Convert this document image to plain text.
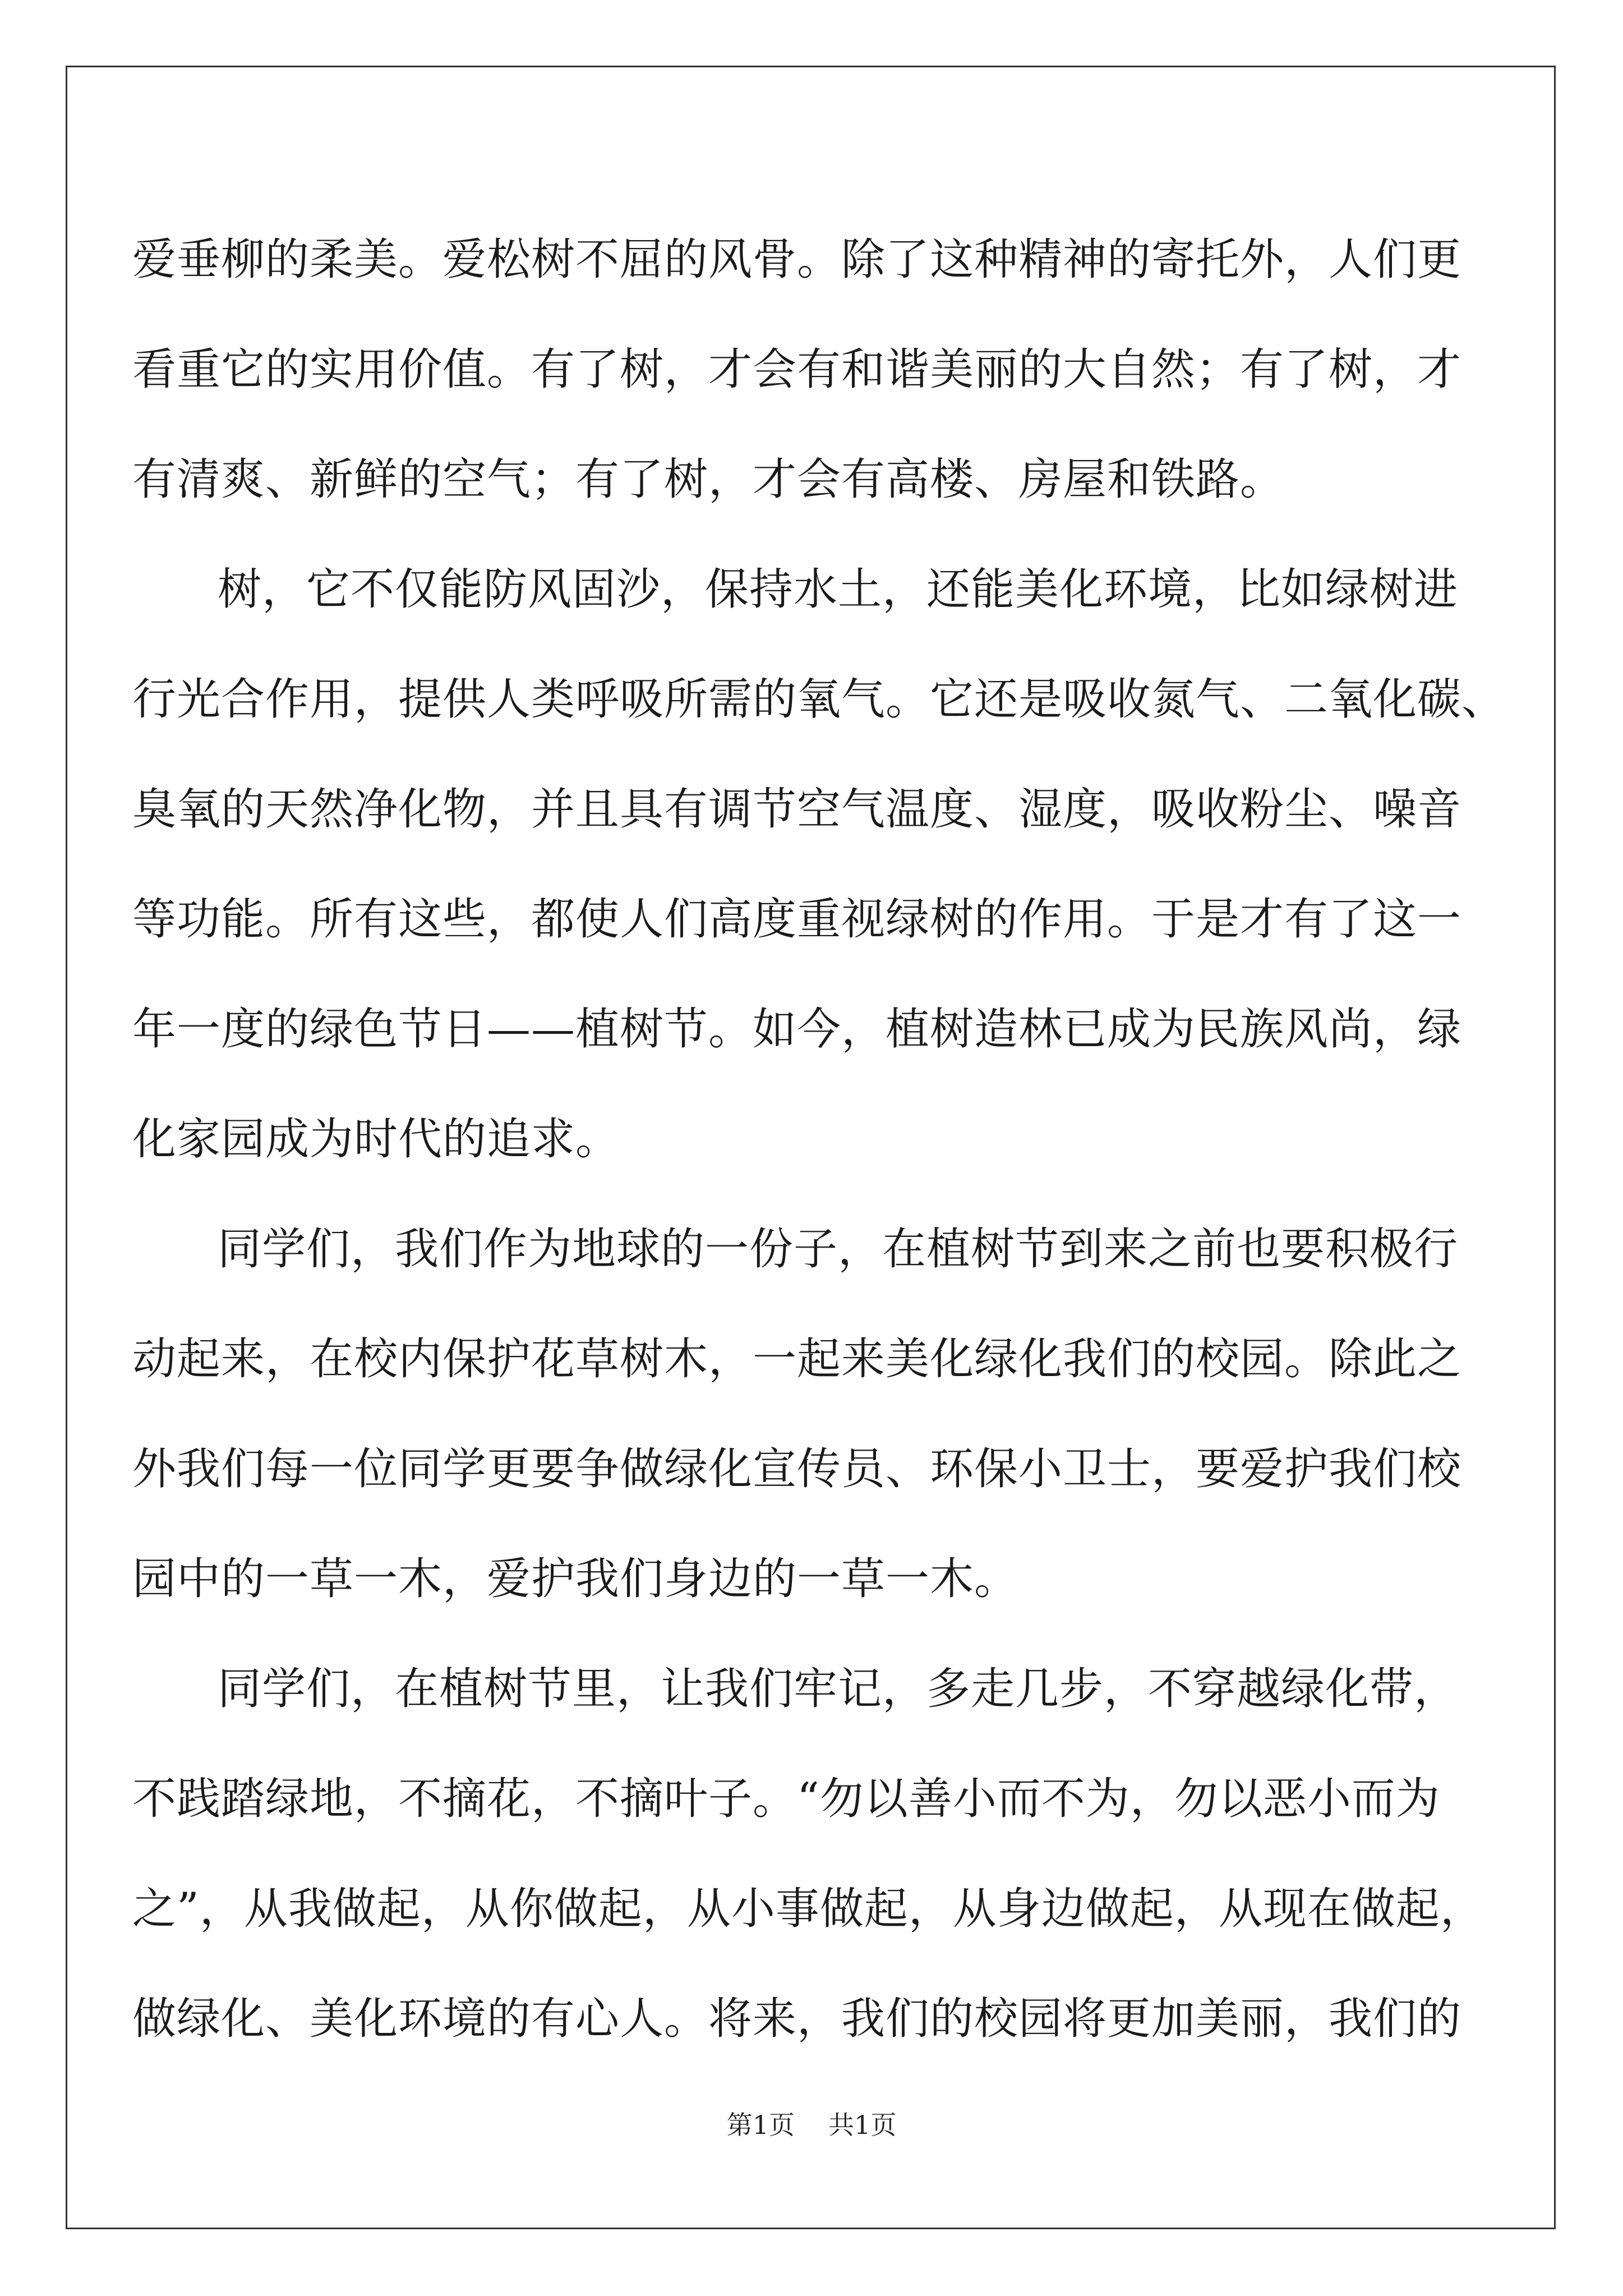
爱垂柳的柔美。爱松树不屈的风骨。除了这种精神的寄托外，人们更
看重它的实用价值。有了树，才会有和谐美丽的大自然；有了树，才
有清爽、新鲜的空气；有了树，才会有高楼、房屋和铁路。
树，它不仅能防风固沙，保持水土，还能美化环境，比如绿树进
行光合作用，提供人类呼吸所需的氧气。它还是吸收氮气、二氧化碳、
臭氧的天然净化物，并且具有调节空气温度、湿度，吸收粉尘、噪音
等功能。所有这些，都使人们高度重视绿树的作用。于是才有了这一
年一度的绿色节日——植树节。如今，植树造林已成为民族风尚，绿
化家园成为时代的追求。
同学们，我们作为地球的一份子，在植树节到来之前也要积极行
动起来，在校内保护花草树木，一起来美化绿化我们的校园。除此之
外我们每一位同学更要争做绿化宣传员、环保小卫士，要爱护我们校
园中的一草一木，爱护我们身边的一草一木。
同学们，在植树节里，让我们牢记，多走几步，不穿越绿化带，
不践踏绿地，不摘花，不摘叶子。“勿以善小而不为，勿以恶小而为
之”，从我做起，从你做起，从小事做起，从身边做起，从现在做起，
做绿化、美化环境的有心人。将来，我们的校园将更加美丽，我们的
第1页 共1页
